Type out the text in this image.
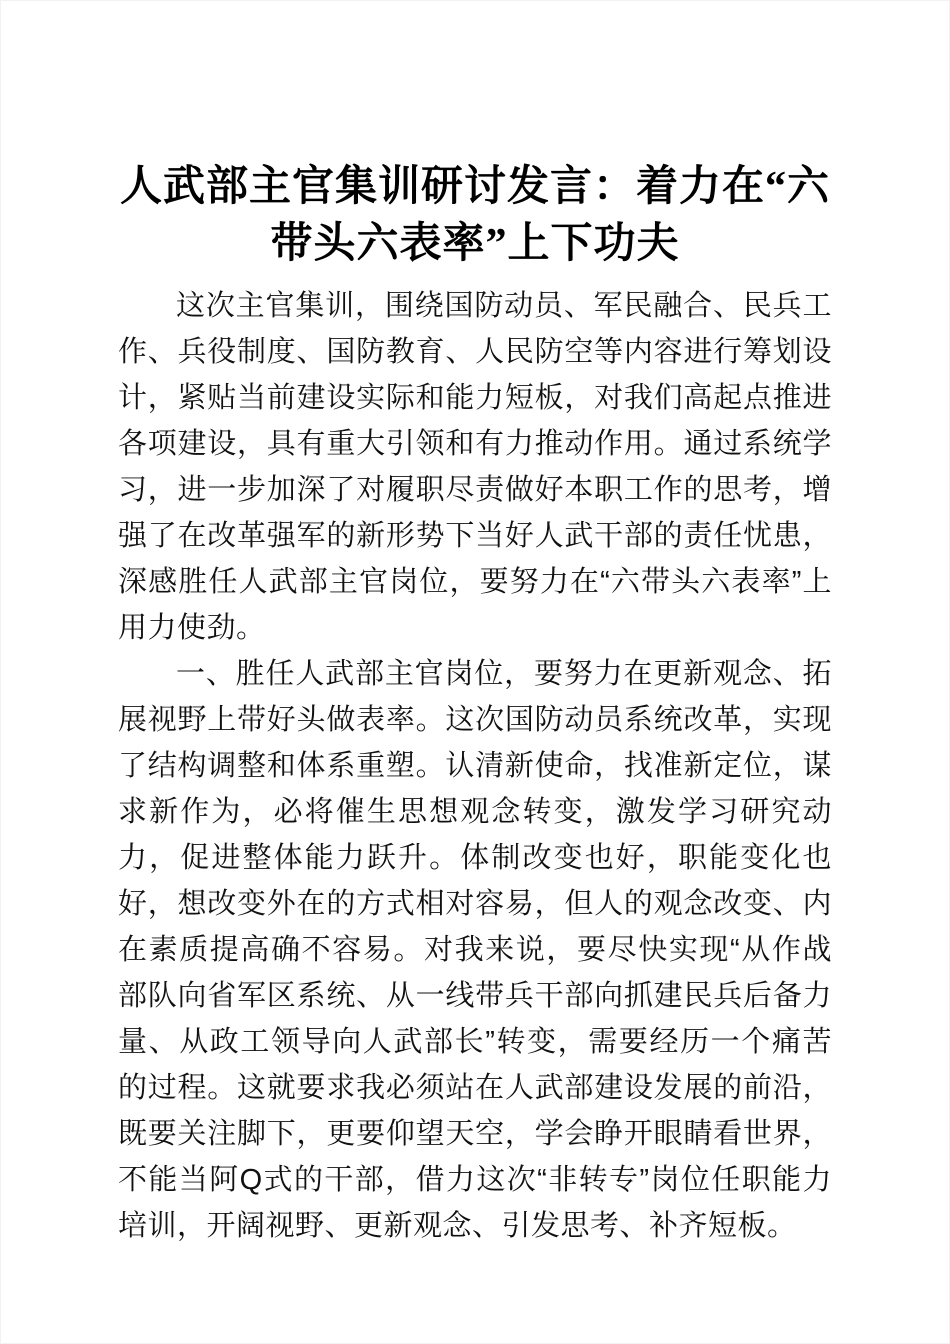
人武部主官集训研讨发言：着力在“六
带头六表率”上下功夫

这次主官集训，围绕国防动员、军民融合、民兵工作、兵役制度、国防教育、人民防空等内容进行筹划设计，紧贴当前建设实际和能力短板，对我们高起点推进各项建设，具有重大引领和有力推动作用。通过系统学习，进一步加深了对履职尽责做好本职工作的思考，增强了在改革强军的新形势下当好人武干部的责任忧患，深感胜任人武部主官岗位，要努力在“六带头六表率”上用力使劲。

一、胜任人武部主官岗位，要努力在更新观念、拓展视野上带好头做表率。这次国防动员系统改革，实现了结构调整和体系重塑。认清新使命，找准新定位，谋求新作为，必将催生思想观念转变，激发学习研究动力，促进整体能力跃升。体制改变也好，职能变化也好，想改变外在的方式相对容易，但人的观念改变、内在素质提高确不容易。对我来说，要尽快实现“从作战部队向省军区系统、从一线带兵干部向抓建民兵后备力量、从政工领导向人武部长”转变，需要经历一个痛苦的过程。这就要求我必须站在人武部建设发展的前沿，既要关注脚下，更要仰望天空，学会睁开眼睛看世界，不能当阿Q式的干部，借力这次“非转专”岗位任职能力培训，开阔视野、更新观念、引发思考、补齐短板。
